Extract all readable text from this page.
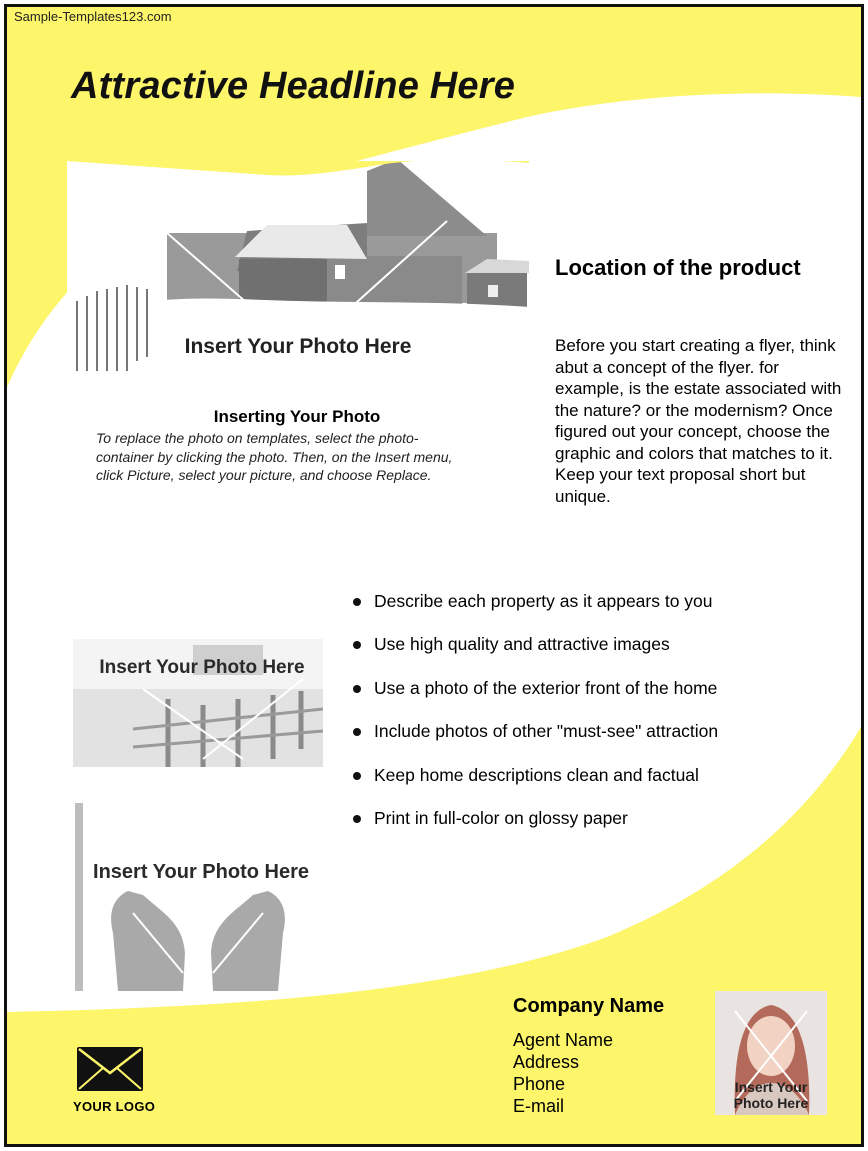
Sample-Templates123.com
Attractive Headline Here
Insert Your Photo Here
Inserting Your Photo
To replace the photo on templates, select the photo-container by clicking the photo. Then, on the Insert menu, click Picture, select your picture, and choose Replace.
Location of the product
Before you start creating a flyer, think abut a concept of the flyer. for example, is the estate associated with the nature? or the modernism? Once figured out your concept, choose the graphic and colors that matches to it. Keep your text proposal short but unique.
Describe each property as it appears to you
Use high quality and attractive images
Use a photo of the exterior front of the home
Include photos of other "must-see" attraction
Keep home descriptions clean and factual
Print in full-color on glossy paper
Insert Your Photo Here
Insert Your Photo Here
Company Name
Agent Name
Address
Phone
E-mail
Insert Your Photo Here
YOUR LOGO
